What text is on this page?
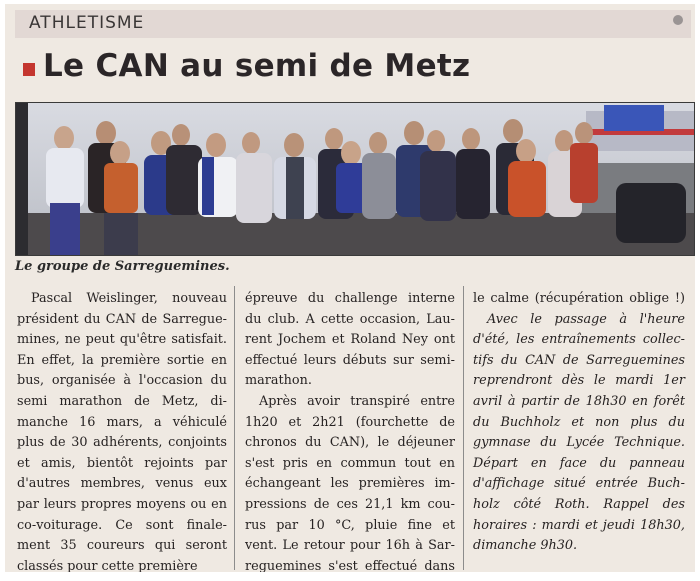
ATHLETISME
Le CAN au semi de Metz
Le groupe de Sarreguemines.
Pascal Weislinger, nouveau
président du CAN de Sarregue-
mines, ne peut qu'être satisfait.
En effet, la première sortie en
bus, organisée à l'occasion du
semi marathon de Metz, di-
manche 16 mars, a véhiculé
plus de 30 adhérents, conjoints
et amis, bientôt rejoints par
d'autres membres, venus eux
par leurs propres moyens ou en
co-voiturage. Ce sont finale-
ment 35 coureurs qui seront
classés pour cette première
épreuve du challenge interne
du club. A cette occasion, Lau-
rent Jochem et Roland Ney ont
effectué leurs débuts sur semi-
marathon.
Après avoir transpiré entre
1h20 et 2h21 (fourchette de
chronos du CAN), le déjeuner
s'est pris en commun tout en
échangeant les premières im-
pressions de ces 21,1 km cou-
rus par 10 °C, pluie fine et
vent. Le retour pour 16h à Sar-
reguemines s'est effectué dans
le calme (récupération oblige !)
Avec le passage à l'heure
d'été, les entraînements collec-
tifs du CAN de Sarreguemines
reprendront dès le mardi 1er
avril à partir de 18h30 en forêt
du Buchholz et non plus du
gymnase du Lycée Technique.
Départ en face du panneau
d'affichage situé entrée Buch-
holz côté Roth. Rappel des
horaires : mardi et jeudi 18h30,
dimanche 9h30.
